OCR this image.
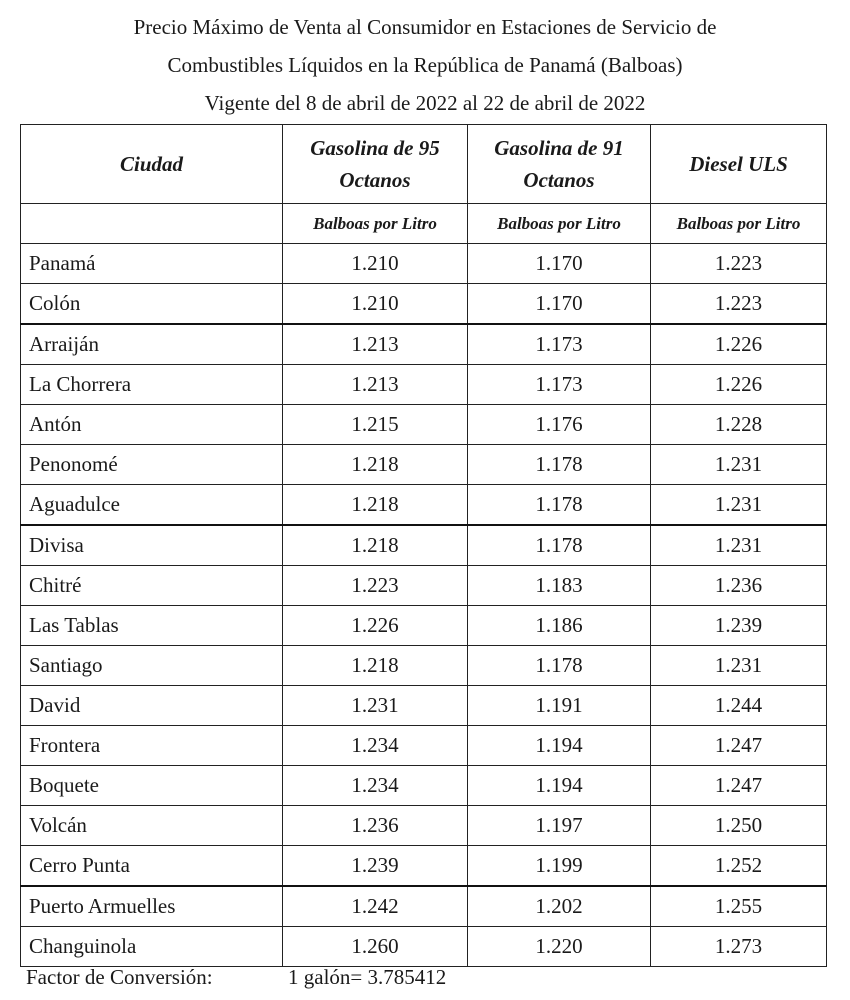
Precio Máximo de Venta al Consumidor en Estaciones de Servicio de
Combustibles Líquidos en la República de Panamá (Balboas)
Vigente del 8 de abril de 2022 al 22 de abril de 2022
Ciudad	Gasolina de 95 Octanos	Gasolina de 91 Octanos	Diesel ULS
	Balboas por Litro	Balboas por Litro	Balboas por Litro
Panamá	1.210	1.170	1.223
Colón	1.210	1.170	1.223
Arraiján	1.213	1.173	1.226
La Chorrera	1.213	1.173	1.226
Antón	1.215	1.176	1.228
Penonomé	1.218	1.178	1.231
Aguadulce	1.218	1.178	1.231
Divisa	1.218	1.178	1.231
Chitré	1.223	1.183	1.236
Las Tablas	1.226	1.186	1.239
Santiago	1.218	1.178	1.231
David	1.231	1.191	1.244
Frontera	1.234	1.194	1.247
Boquete	1.234	1.194	1.247
Volcán	1.236	1.197	1.250
Cerro Punta	1.239	1.199	1.252
Puerto Armuelles	1.242	1.202	1.255
Changuinola	1.260	1.220	1.273
Factor de Conversión:	1 galón= 3.785412
